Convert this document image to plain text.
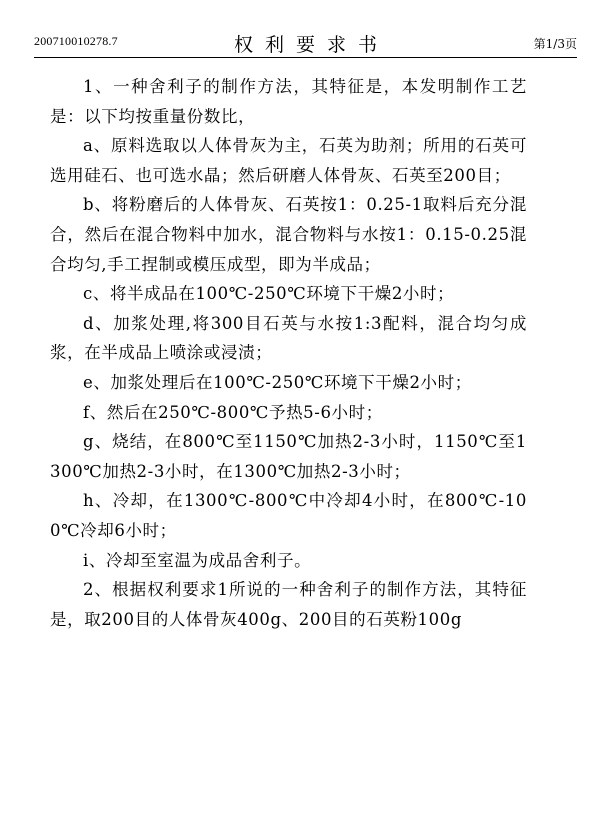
200710010278.7	权利要求书	第1/3页

1、一种舍利子的制作方法，其特征是，本发明制作工艺是：以下均按重量份数比，

a、原料选取以人体骨灰为主，石英为助剂；所用的石英可选用硅石、也可选水晶；然后研磨人体骨灰、石英至200目；

b、将粉磨后的人体骨灰、石英按1：0.25-1取料后充分混合，然后在混合物料中加水，混合物料与水按1：0.15-0.25混合均匀,手工捏制或模压成型，即为半成品；

c、将半成品在100℃-250℃环境下干燥2小时；

d、加浆处理,将300目石英与水按1:3配料，混合均匀成浆，在半成品上喷涂或浸渍；

e、加浆处理后在100℃-250℃环境下干燥2小时；

f、然后在250℃-800℃予热5-6小时；

g、烧结，在800℃至1150℃加热2-3小时，1150℃至1300℃加热2-3小时，在1300℃加热2-3小时；

h、冷却，在1300℃-800℃中冷却4小时，在800℃-100℃冷却6小时；

i、冷却至室温为成品舍利子。

2、根据权利要求1所说的一种舍利子的制作方法，其特征是，取200目的人体骨灰400g、200目的石英粉100g
